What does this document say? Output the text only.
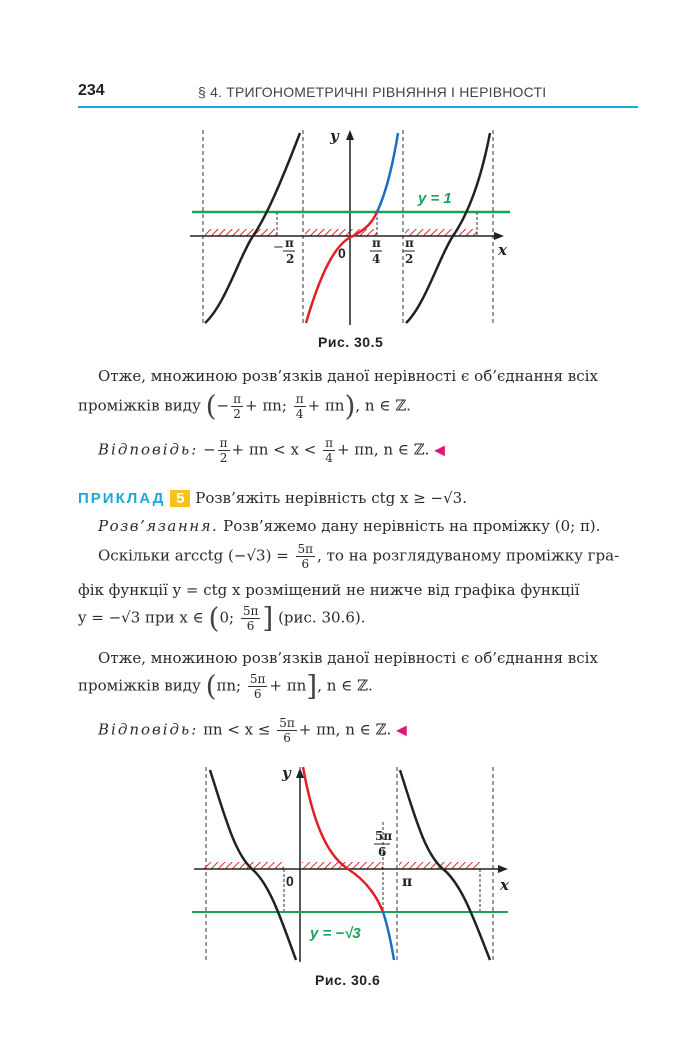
234	§ 4. ТРИГОНОМЕТРИЧНІ РІВНЯННЯ І НЕРІВНОСТІ
y
x
0
y = 1
− π
2
π
4
π
2
Рис. 30.5
Отже, множиною розв’язків даної нерівності є об’єднання всіх
проміжків виду (− $\frac{\pi}{2} + \pi n$; $\frac{\pi}{4} + \pi n$), n ∈ ℤ.
Відповідь: − $\frac{\pi}{2} + \pi n < x < \frac{\pi}{4} + \pi n$, n ∈ ℤ. ◀
ПРИКЛАД 5 Розв’яжіть нерівність ctg x ≥ −√3.
Розв’язання. Розв’яжемо дану нерівність на проміжку (0; π).
Оскільки arcctg $(-√3) = \frac{5\pi}{6}$ , то на розглядуваному проміжку гра-
фік функції y = ctg x розміщений не нижче від графіка функції
y = −√3 при x ∈ (0; $\frac{5\pi}{6}$ ] (рис. 30.6).
Отже, множиною розв’язків даної нерівності є об’єднання всіх
проміжків виду (πn; $\frac{5\pi}{6} + \pi n$], n ∈ ℤ.
Відповідь: $\pi n < x \le \frac{5\pi}{6} + \pi n$, n ∈ ℤ. ◀
y
x
0	π
5π
6
y = −√3
Рис. 30.6
